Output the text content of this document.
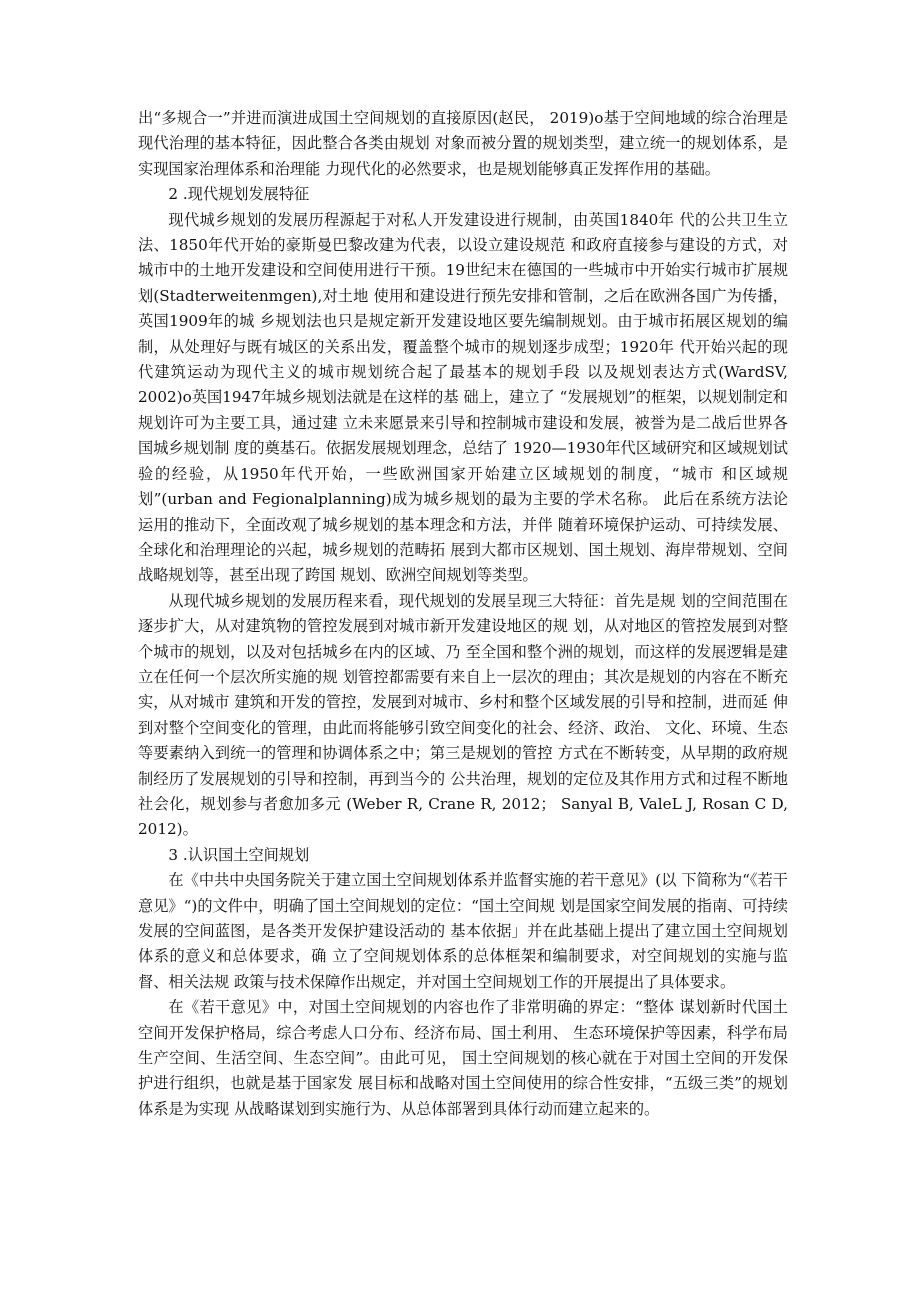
出“多规合一”并进而演进成国土空间规划的直接原因(赵民， 2019)o基于空间地域的综合治理是现代治理的基本特征，因此整合各类由规划 对象而被分置的规划类型，建立统一的规划体系，是实现国家治理体系和治理能 力现代化的必然要求，也是规划能够真正发挥作用的基础。

2 .现代规划发展特征

现代城乡规划的发展历程源起于对私人开发建设进行规制，由英国1840年 代的公共卫生立法、1850年代开始的豪斯曼巴黎改建为代表，以设立建设规范 和政府直接参与建设的方式，对城市中的土地开发建设和空间使用进行干预。19世纪末在德国的一些城市中开始实行城市扩展规划(Stadterweitenmgen),对土地 使用和建设进行预先安排和管制，之后在欧洲各国广为传播，英国1909年的城 乡规划法也只是规定新开发建设地区要先编制规划。由于城市拓展区规划的编 制，从处理好与既有城区的关系出发，覆盖整个城市的规划逐步成型；1920年 代开始兴起的现代建筑运动为现代主义的城市规划统合起了最基本的规划手段 以及规划表达方式(WardSV, 2002)o英国1947年城乡规划法就是在这样的基 础上，建立了 “发展规划”的框架，以规划制定和规划许可为主要工具，通过建 立未来愿景来引导和控制城市建设和发展，被誉为是二战后世界各国城乡规划制 度的奠基石。依据发展规划理念，总结了 1920—1930年代区域研究和区域规划试验的经验，从1950年代开始，一些欧洲国家开始建立区域规划的制度，“城市 和区域规划”(urban and Fegionalplanning)成为城乡规划的最为主要的学术名称。 此后在系统方法论运用的推动下，全面改观了城乡规划的基本理念和方法，并伴 随着环境保护运动、可持续发展、全球化和治理理论的兴起，城乡规划的范畴拓 展到大都市区规划、国土规划、海岸带规划、空间战略规划等，甚至出现了跨国 规划、欧洲空间规划等类型。

从现代城乡规划的发展历程来看，现代规划的发展呈现三大特征：首先是规 划的空间范围在逐步扩大，从对建筑物的管控发展到对城市新开发建设地区的规 划，从对地区的管控发展到对整个城市的规划，以及对包括城乡在内的区域、乃 至全国和整个洲的规划，而这样的发展逻辑是建立在任何一个层次所实施的规 划管控都需要有来自上一层次的理由；其次是规划的内容在不断充实，从对城市 建筑和开发的管控，发展到对城市、乡村和整个区域发展的引导和控制，进而延 伸到对整个空间变化的管理，由此而将能够引致空间变化的社会、经济、政治、 文化、环境、生态等要素纳入到统一的管理和协调体系之中；第三是规划的管控 方式在不断转变，从早期的政府规制经历了发展规划的引导和控制，再到当今的 公共治理，规划的定位及其作用方式和过程不断地社会化，规划参与者愈加多元 (Weber R, Crane R, 2012； Sanyal B, ValeL J, Rosan C D, 2012)。

3 .认识国土空间规划

在《中共中央国务院关于建立国土空间规划体系并监督实施的若干意见》(以 下简称为“《若干意见》“)的文件中，明确了国土空间规划的定位：“国土空间规 划是国家空间发展的指南、可持续发展的空间蓝图，是各类开发保护建设活动的 基本依据」并在此基础上提出了建立国土空间规划体系的意义和总体要求，确 立了空间规划体系的总体框架和编制要求，对空间规划的实施与监督、相关法规 政策与技术保障作出规定，并对国土空间规划工作的开展提出了具体要求。

在《若干意见》中，对国土空间规划的内容也作了非常明确的界定：“整体 谋划新时代国土空间开发保护格局，综合考虑人口分布、经济布局、国土利用、 生态环境保护等因素，科学布局生产空间、生活空间、生态空间”。由此可见， 国土空间规划的核心就在于对国土空间的开发保护进行组织，也就是基于国家发 展目标和战略对国土空间使用的综合性安排，“五级三类”的规划体系是为实现 从战略谋划到实施行为、从总体部署到具体行动而建立起来的。
